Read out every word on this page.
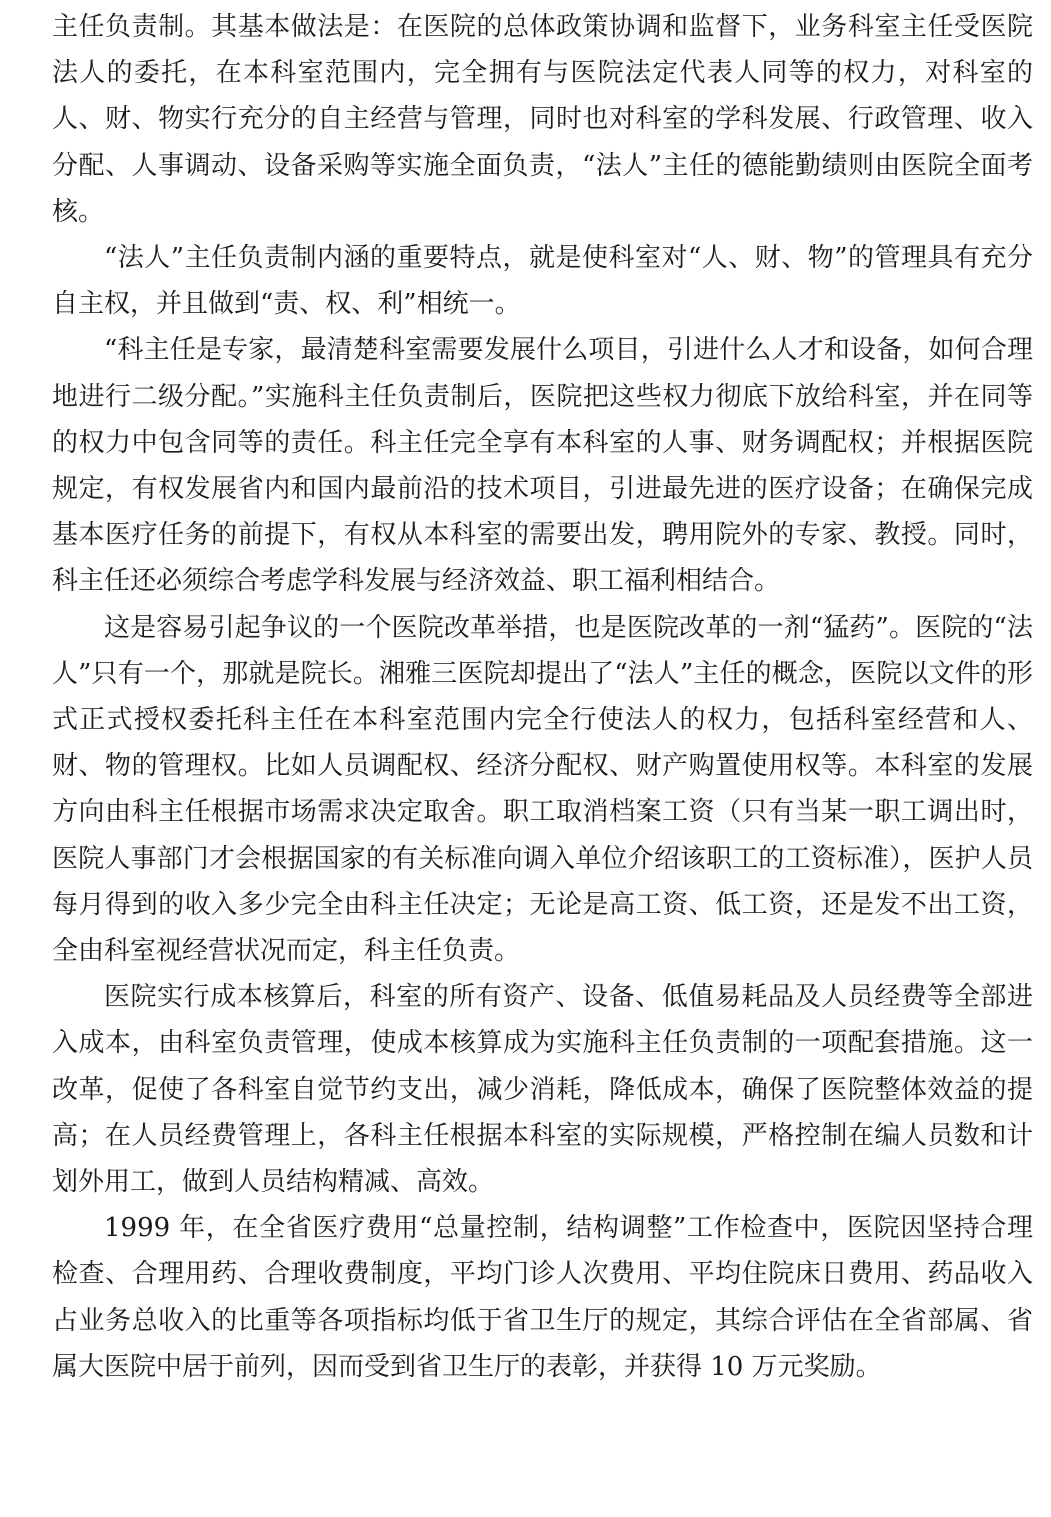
主任负责制。其基本做法是：在医院的总体政策协调和监督下，业务科室主任受医院法人的委托，在本科室范围内，完全拥有与医院法定代表人同等的权力，对科室的人、财、物实行充分的自主经营与管理，同时也对科室的学科发展、行政管理、收入分配、人事调动、设备采购等实施全面负责，“法人”主任的德能勤绩则由医院全面考核。

“法人”主任负责制内涵的重要特点，就是使科室对“人、财、物”的管理具有充分自主权，并且做到“责、权、利”相统一。

“科主任是专家，最清楚科室需要发展什么项目，引进什么人才和设备，如何合理地进行二级分配。”实施科主任负责制后，医院把这些权力彻底下放给科室，并在同等的权力中包含同等的责任。科主任完全享有本科室的人事、财务调配权；并根据医院规定，有权发展省内和国内最前沿的技术项目，引进最先进的医疗设备；在确保完成基本医疗任务的前提下，有权从本科室的需要出发，聘用院外的专家、教授。同时，科主任还必须综合考虑学科发展与经济效益、职工福利相结合。

这是容易引起争议的一个医院改革举措，也是医院改革的一剂“猛药”。医院的“法人”只有一个，那就是院长。湘雅三医院却提出了“法人”主任的概念，医院以文件的形式正式授权委托科主任在本科室范围内完全行使法人的权力，包括科室经营和人、财、物的管理权。比如人员调配权、经济分配权、财产购置使用权等。本科室的发展方向由科主任根据市场需求决定取舍。职工取消档案工资（只有当某一职工调出时，医院人事部门才会根据国家的有关标准向调入单位介绍该职工的工资标准），医护人员每月得到的收入多少完全由科主任决定；无论是高工资、低工资，还是发不出工资，全由科室视经营状况而定，科主任负责。

医院实行成本核算后，科室的所有资产、设备、低值易耗品及人员经费等全部进入成本，由科室负责管理，使成本核算成为实施科主任负责制的一项配套措施。这一改革，促使了各科室自觉节约支出，减少消耗，降低成本，确保了医院整体效益的提高；在人员经费管理上，各科主任根据本科室的实际规模，严格控制在编人员数和计划外用工，做到人员结构精减、高效。

1999 年，在全省医疗费用“总量控制，结构调整”工作检查中，医院因坚持合理检查、合理用药、合理收费制度，平均门诊人次费用、平均住院床日费用、药品收入占业务总收入的比重等各项指标均低于省卫生厅的规定，其综合评估在全省部属、省属大医院中居于前列，因而受到省卫生厅的表彰，并获得 10 万元奖励。
